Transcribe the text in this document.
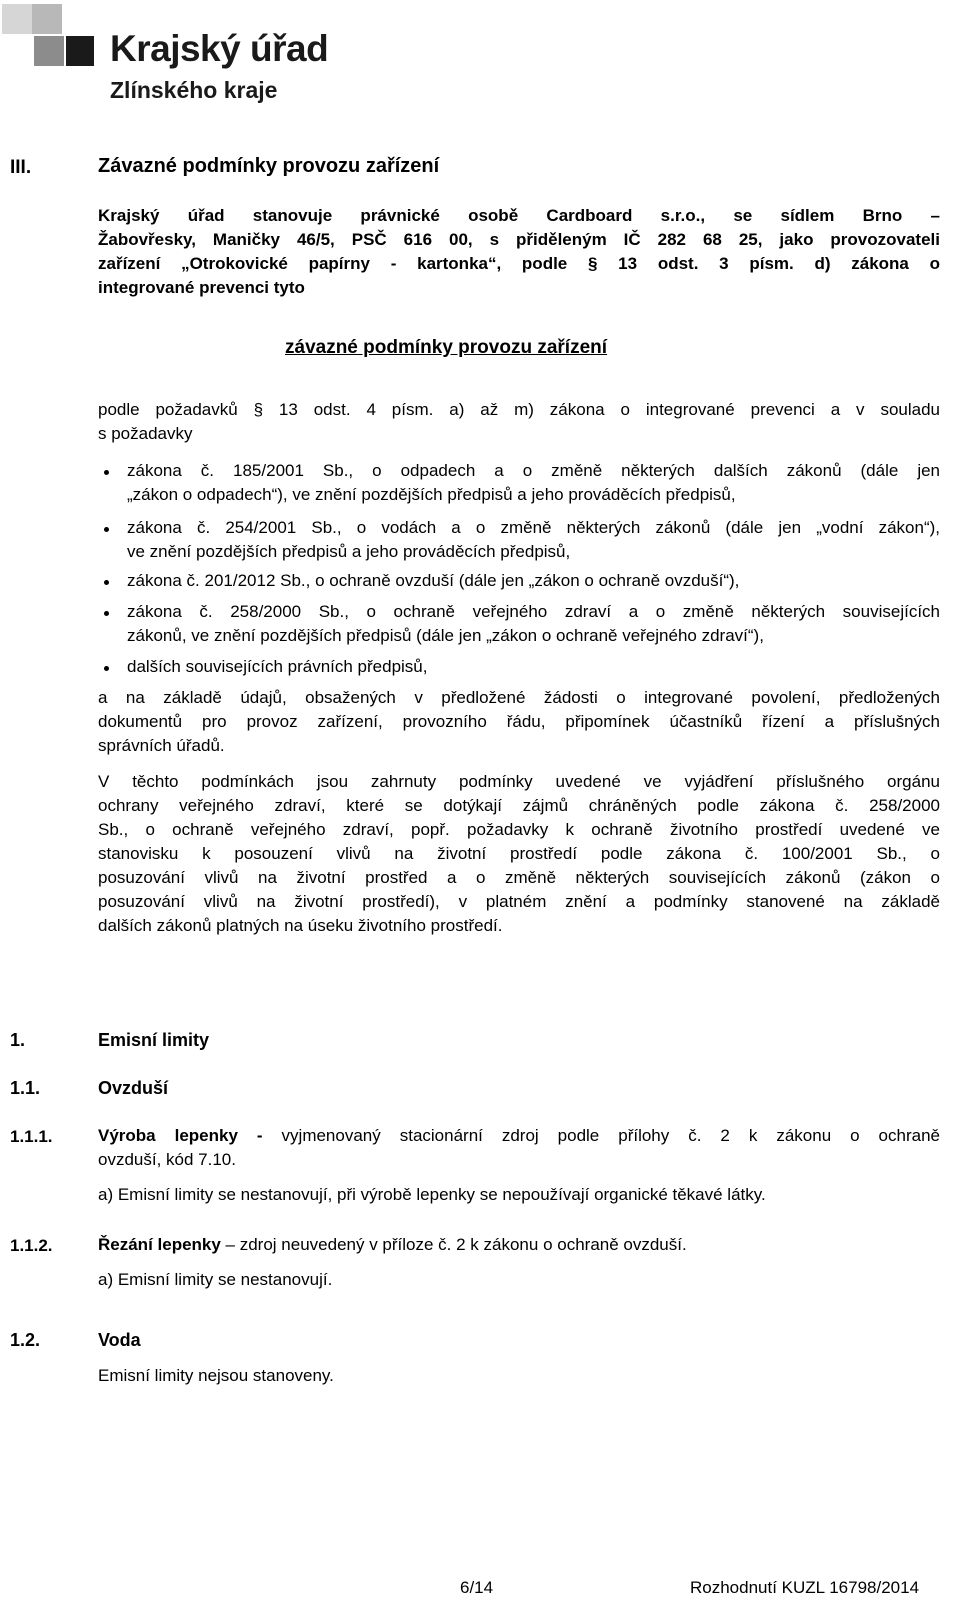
Krajský úřad
Zlínského kraje
III.	Závazné podmínky provozu zařízení
Krajský úřad stanovuje právnické osobě Cardboard s.r.o., se sídlem Brno –
Žabovřesky, Maničky 46/5, PSČ 616 00, s přiděleným IČ 282 68 25, jako provozovateli
zařízení „Otrokovické papírny - kartonka“, podle § 13 odst. 3 písm. d) zákona o
integrované prevenci tyto
závazné podmínky provozu zařízení
podle požadavků § 13 odst. 4 písm. a) až m) zákona o integrované prevenci a v souladu
s požadavky
zákona č. 185/2001 Sb., o odpadech a o změně některých dalších zákonů (dále jen
„zákon o odpadech“), ve znění pozdějších předpisů a jeho prováděcích předpisů,
zákona č. 254/2001 Sb., o vodách a o změně některých zákonů (dále jen „vodní zákon“),
ve znění pozdějších předpisů a jeho prováděcích předpisů,
zákona č. 201/2012 Sb., o ochraně ovzduší (dále jen „zákon o ochraně ovzduší“),
zákona č. 258/2000 Sb., o ochraně veřejného zdraví a o změně některých souvisejících
zákonů, ve znění pozdějších předpisů (dále jen „zákon o ochraně veřejného zdraví“),
dalších souvisejících právních předpisů,
a na základě údajů, obsažených v předložené žádosti o integrované povolení, předložených
dokumentů pro provoz zařízení, provozního řádu, připomínek účastníků řízení a příslušných
správních úřadů.
V těchto podmínkách jsou zahrnuty podmínky uvedené ve vyjádření příslušného orgánu
ochrany veřejného zdraví, které se dotýkají zájmů chráněných podle zákona č. 258/2000
Sb., o ochraně veřejného zdraví, popř. požadavky k ochraně životního prostředí uvedené ve
stanovisku k posouzení vlivů na životní prostředí podle zákona č. 100/2001 Sb., o
posuzování vlivů na životní prostřed a o změně některých souvisejících zákonů (zákon o
posuzování vlivů na životní prostředí), v platném znění a podmínky stanovené na základě
dalších zákonů platných na úseku životního prostředí.
1.	Emisní limity
1.1.	Ovzduší
1.1.1.	Výroba lepenky - vyjmenovaný stacionární zdroj podle přílohy č. 2 k zákonu o ochraně
ovzduší, kód 7.10.
a) Emisní limity se nestanovují, při výrobě lepenky se nepoužívají organické těkavé látky.
1.1.2.	Řezání lepenky – zdroj neuvedený v příloze č. 2 k zákonu o ochraně ovzduší.
a) Emisní limity se nestanovují.
1.2.	Voda
Emisní limity nejsou stanoveny.
6/14	Rozhodnutí KUZL 16798/2014
